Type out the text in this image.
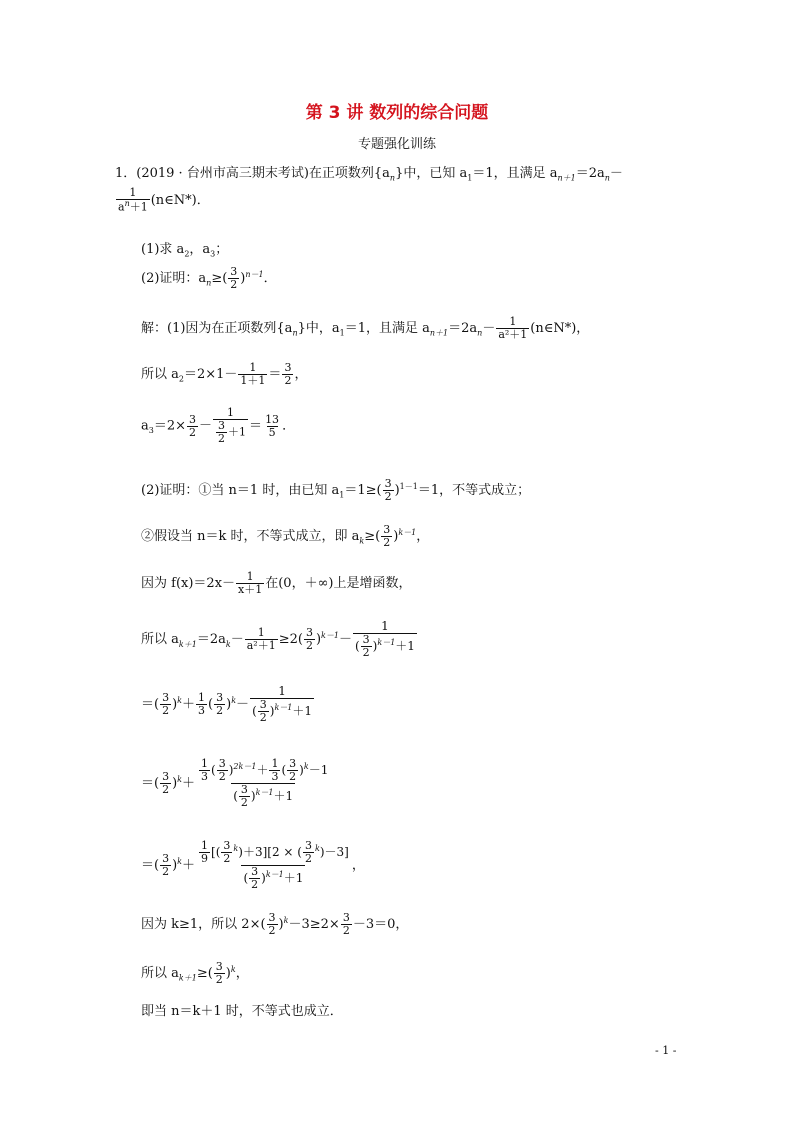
第 3 讲 数列的综合问题
专题强化训练
1．(2019 · 台州市高三期末考试)在正项数列$\{a_n\}$中，已知 $a_1=1$，且满足 $a_{n+1}=2a_n-$
$\frac{1}{a^n+1}$ (n∈N*)．
(1)求 $a_2$，$a_3$；
(2)证明：$a_n\ge( \frac{3}{2} )^{n-1}$．
解：(1)因为在正项数列$\{a_n\}$中，$a_1=1$，且满足 $a_{n+1}=2a_n- \frac{1}{\text{a²＋1}}$ (n∈N*)，
所以 $a_2=2\times 1- \frac{1}{1+1} = \frac{3}{2}$ ，
$a_3=2\times \frac{3}{2} - \frac{1}{\frac{3}{2} +1} = \frac{13}{5}$ ．
(2)证明：①当 n＝1 时，由已知 $a_1=1\ge( \frac{3}{2} )^{1-1}=1$，不等式成立；
②假设当 n＝k 时，不等式成立，即 $a_k\ge( \frac{3}{2} )^{k-1}$，
因为 $f(x)=2x- \frac{1}{x+1}$ 在(0，＋∞)上是增函数，
所以 $a_{k+1}=2a_k- \frac{1}{\text{a²＋1}} \ge 2( \frac{3}{2} )^{k-1}- \frac{1}{( \frac{3}{2} )^{k-1}+1}$
＝( $\frac{3}{2} )^k+ \frac{1}{3}$ ( $\frac{3}{2} )^k- \frac{1}{( \frac{3}{2} )^{k-1}+1}$
＝( $\frac{3}{2} )^k+ \frac{\frac{1}{3} ( \frac{3}{2} )^{2k-1}+ \frac{1}{3} ( \frac{3}{2} )^k-1}{( \frac{3}{2} )^{k-1}+1}$
＝( $\frac{3}{2} )^k+ \frac{\frac{1}{9} [( \frac{3}{2} ^k)+3][2 \times ( \frac{3}{2} ^k)-3]}{( \frac{3}{2} )^{k-1}+1}$ ，
因为 k≥1，所以 $2\times( \frac{3}{2} )^k-3\ge 2\times \frac{3}{2} -3=0$，
所以 $a_{k+1}\ge( \frac{3}{2} )^k$，
即当 n＝k＋1 时，不等式也成立．
- 1 -
